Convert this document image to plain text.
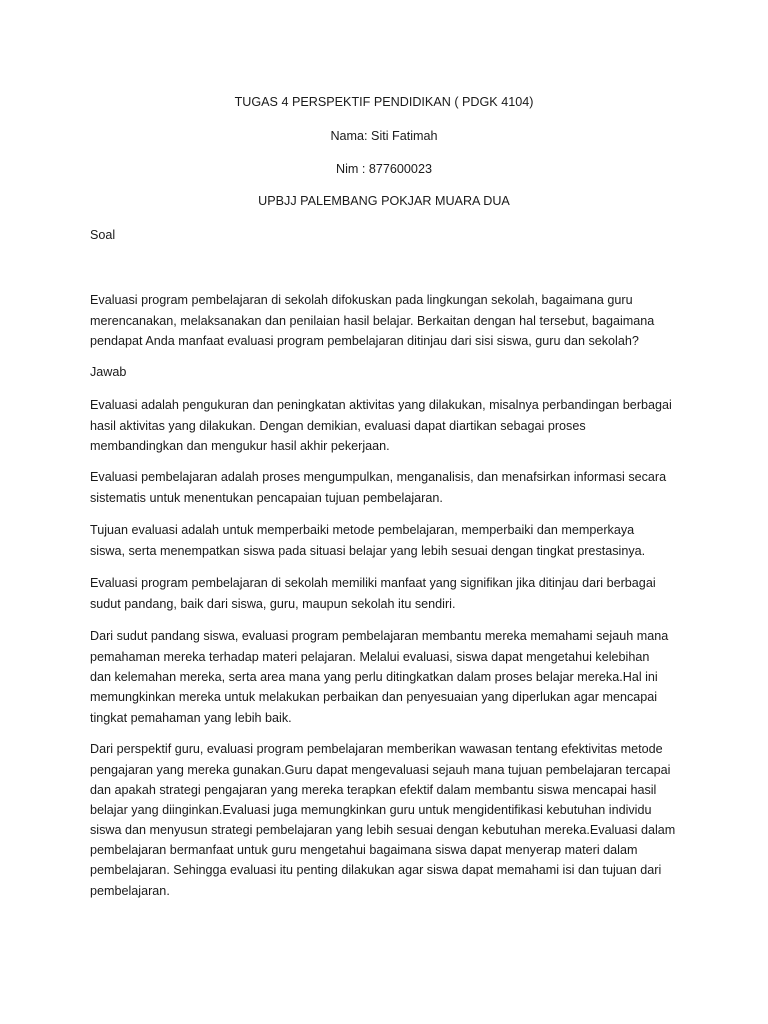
TUGAS 4 PERSPEKTIF PENDIDIKAN ( PDGK 4104)

Nama: Siti Fatimah

Nim : 877600023

UPBJJ PALEMBANG POKJAR MUARA DUA

Soal

Evaluasi program pembelajaran di sekolah difokuskan pada lingkungan sekolah, bagaimana guru

merencanakan, melaksanakan dan penilaian hasil belajar. Berkaitan dengan hal tersebut, bagaimana

pendapat Anda manfaat evaluasi program pembelajaran ditinjau dari sisi siswa, guru dan sekolah?

Jawab

Evaluasi adalah pengukuran dan peningkatan aktivitas yang dilakukan, misalnya perbandingan berbagai

hasil aktivitas yang dilakukan. Dengan demikian, evaluasi dapat diartikan sebagai proses

membandingkan dan mengukur hasil akhir pekerjaan.

Evaluasi pembelajaran adalah proses mengumpulkan, menganalisis, dan menafsirkan informasi secara

sistematis untuk menentukan pencapaian tujuan pembelajaran.

Tujuan evaluasi adalah untuk memperbaiki metode pembelajaran, memperbaiki dan memperkaya

siswa, serta menempatkan siswa pada situasi belajar yang lebih sesuai dengan tingkat prestasinya.

Evaluasi program pembelajaran di sekolah memiliki manfaat yang signifikan jika ditinjau dari berbagai

sudut pandang, baik dari siswa, guru, maupun sekolah itu sendiri.

Dari sudut pandang siswa, evaluasi program pembelajaran membantu mereka memahami sejauh mana

pemahaman mereka terhadap materi pelajaran. Melalui evaluasi, siswa dapat mengetahui kelebihan

dan kelemahan mereka, serta area mana yang perlu ditingkatkan dalam proses belajar mereka.Hal ini

memungkinkan mereka untuk melakukan perbaikan dan penyesuaian yang diperlukan agar mencapai

tingkat pemahaman yang lebih baik.

Dari perspektif guru, evaluasi program pembelajaran memberikan wawasan tentang efektivitas metode

pengajaran yang mereka gunakan.Guru dapat mengevaluasi sejauh mana tujuan pembelajaran tercapai

dan apakah strategi pengajaran yang mereka terapkan efektif dalam membantu siswa mencapai hasil

belajar yang diinginkan.Evaluasi juga memungkinkan guru untuk mengidentifikasi kebutuhan individu

siswa dan menyusun strategi pembelajaran yang lebih sesuai dengan kebutuhan mereka.Evaluasi dalam

pembelajaran bermanfaat untuk guru mengetahui bagaimana siswa dapat menyerap materi dalam

pembelajaran. Sehingga evaluasi itu penting dilakukan agar siswa dapat memahami isi dan tujuan dari

pembelajaran.
